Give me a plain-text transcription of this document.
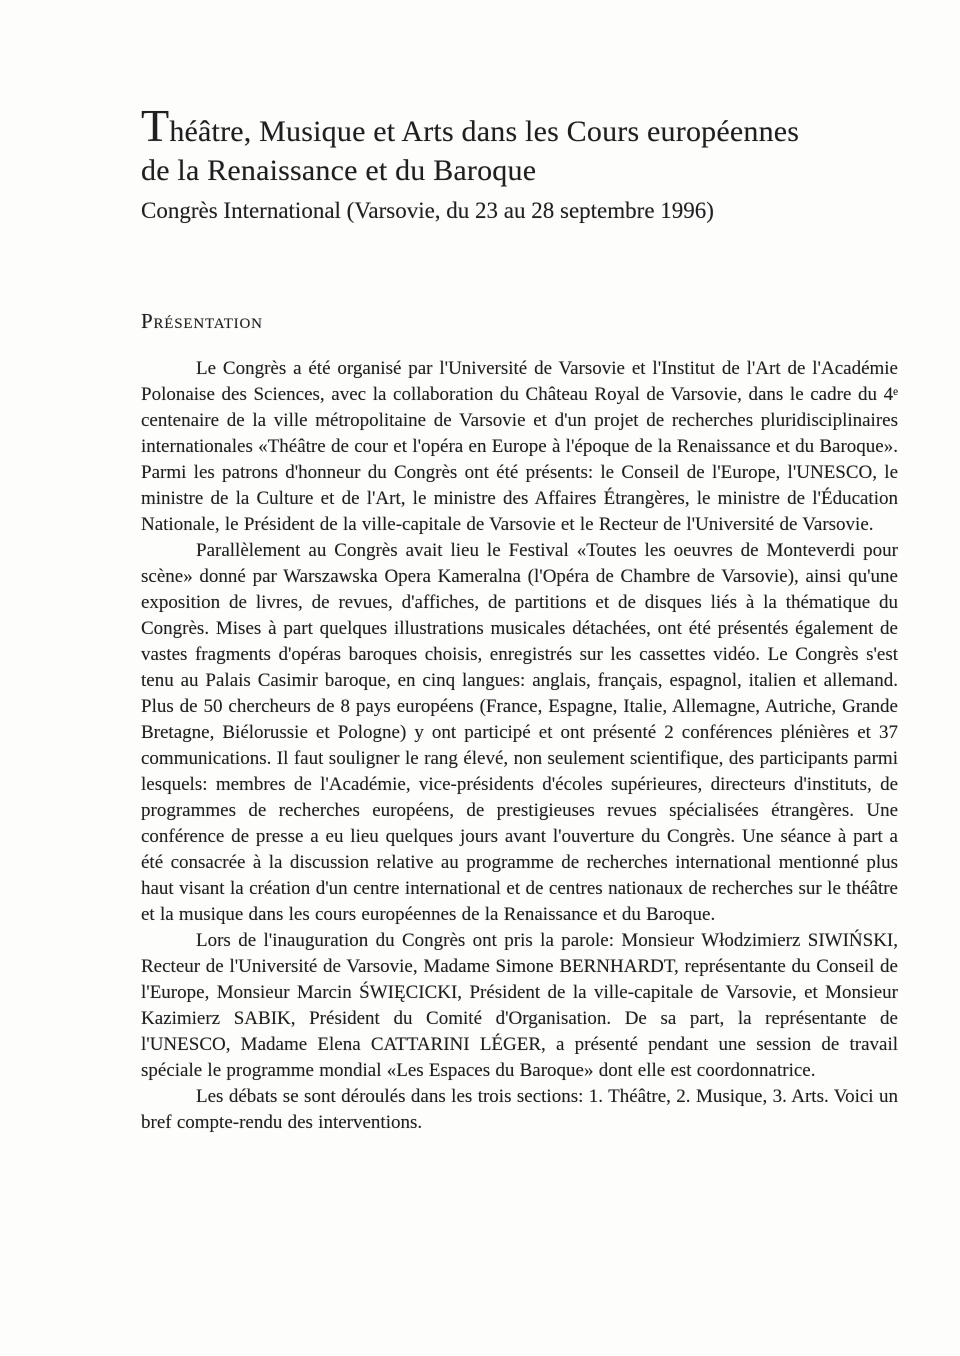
Théâtre, Musique et Arts dans les Cours européennes
de la Renaissance et du Baroque
Congrès International (Varsovie, du 23 au 28 septembre 1996)
Présentation

Le Congrès a été organisé par l'Université de Varsovie et l'Institut de l'Art de l'Académie Polonaise des Sciences, avec la collaboration du Château Royal de Varsovie, dans le cadre du 4ᵉ centenaire de la ville métropolitaine de Varsovie et d'un projet de recherches pluridisciplinaires internationales «Théâtre de cour et l'opéra en Europe à l'époque de la Renaissance et du Baroque». Parmi les patrons d'honneur du Congrès ont été présents: le Conseil de l'Europe, l'UNESCO, le ministre de la Culture et de l'Art, le ministre des Affaires Étrangères, le ministre de l'Éducation Nationale, le Président de la ville-capitale de Varsovie et le Recteur de l'Université de Varsovie.

Parallèlement au Congrès avait lieu le Festival «Toutes les oeuvres de Monteverdi pour scène» donné par Warszawska Opera Kameralna (l'Opéra de Chambre de Varsovie), ainsi qu'une exposition de livres, de revues, d'affiches, de partitions et de disques liés à la thématique du Congrès. Mises à part quelques illustrations musicales détachées, ont été présentés également de vastes fragments d'opéras baroques choisis, enregistrés sur les cassettes vidéo. Le Congrès s'est tenu au Palais Casimir baroque, en cinq langues: anglais, français, espagnol, italien et allemand. Plus de 50 chercheurs de 8 pays européens (France, Espagne, Italie, Allemagne, Autriche, Grande Bretagne, Biélorussie et Pologne) y ont participé et ont présenté 2 conférences plénières et 37 communications. Il faut souligner le rang élevé, non seulement scientifique, des participants parmi lesquels: membres de l'Académie, vice-présidents d'écoles supérieures, directeurs d'instituts, de programmes de recherches européens, de prestigieuses revues spécialisées étrangères. Une conférence de presse a eu lieu quelques jours avant l'ouverture du Congrès. Une séance à part a été consacrée à la discussion relative au programme de recherches international mentionné plus haut visant la création d'un centre international et de centres nationaux de recherches sur le théâtre et la musique dans les cours européennes de la Renaissance et du Baroque.

Lors de l'inauguration du Congrès ont pris la parole: Monsieur Włodzimierz SIWIŃSKI, Recteur de l'Université de Varsovie, Madame Simone BERNHARDT, représentante du Conseil de l'Europe, Monsieur Marcin ŚWIĘCICKI, Président de la ville-capitale de Varsovie, et Monsieur Kazimierz SABIK, Président du Comité d'Organisation. De sa part, la représentante de l'UNESCO, Madame Elena CATTARINI LÉGER, a présenté pendant une session de travail spéciale le programme mondial «Les Espaces du Baroque» dont elle est coordonnatrice.

Les débats se sont déroulés dans les trois sections: 1. Théâtre, 2. Musique, 3. Arts. Voici un bref compte-rendu des interventions.
